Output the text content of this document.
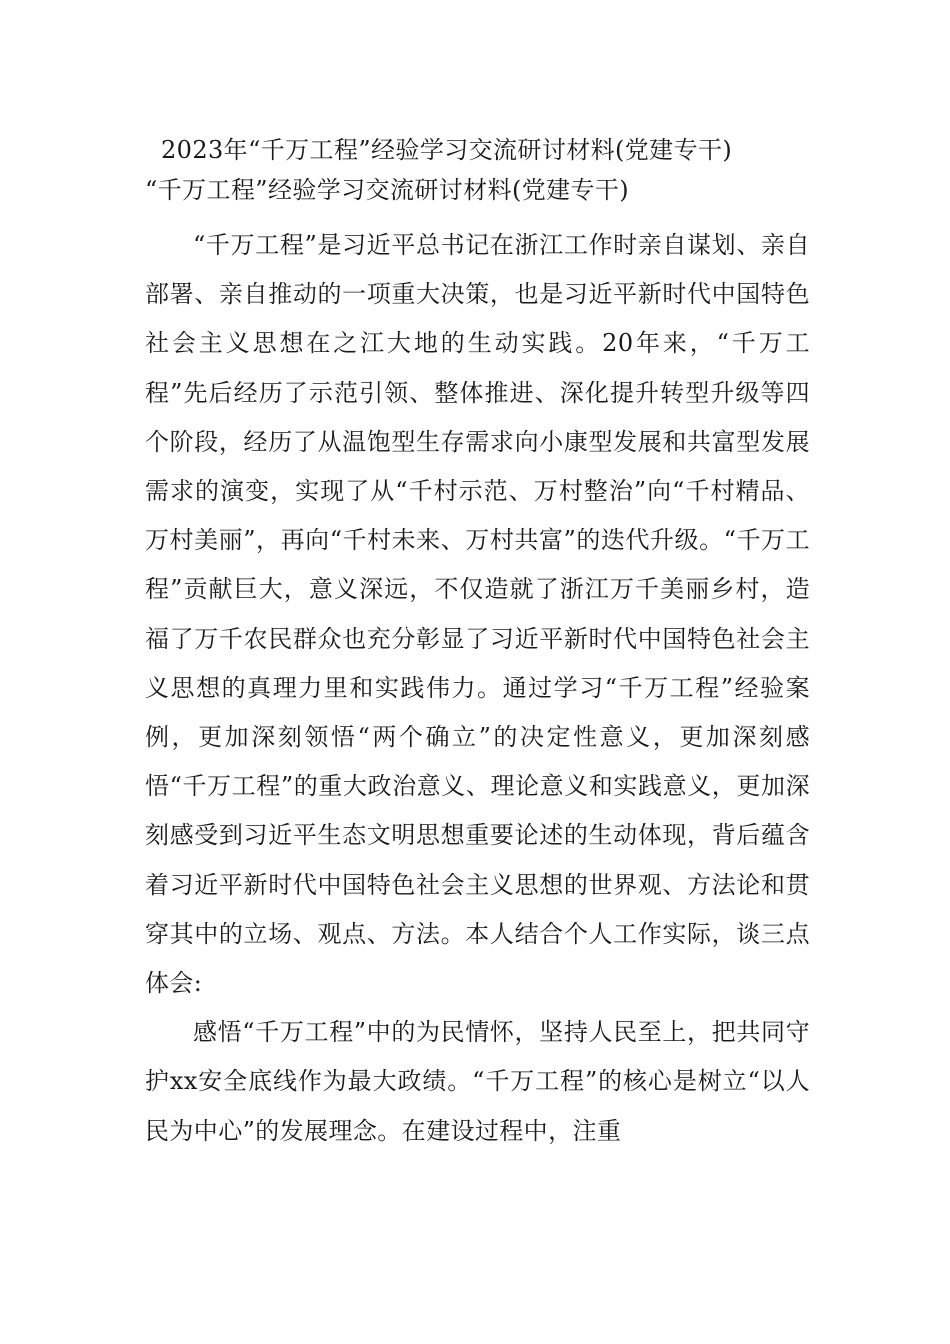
2023年“千万工程”经验学习交流研讨材料(党建专干)

“千万工程”经验学习交流研讨材料(党建专干)

“千万工程”是习近平总书记在浙江工作时亲自谋划、亲自部署、亲自推动的一项重大决策，也是习近平新时代中国特色社会主义思想在之江大地的生动实践。20年来，“千万工程”先后经历了示范引领、整体推进、深化提升转型升级等四个阶段，经历了从温饱型生存需求向小康型发展和共富型发展需求的演变，实现了从“千村示范、万村整治”向“千村精品、万村美丽”，再向“千村未来、万村共富”的迭代升级。“千万工程”贡献巨大，意义深远，不仅造就了浙江万千美丽乡村，造福了万千农民群众也充分彰显了习近平新时代中国特色社会主义思想的真理力里和实践伟力。通过学习“千万工程”经验案例，更加深刻领悟“两个确立”的决定性意义，更加深刻感悟“千万工程”的重大政治意义、理论意义和实践意义，更加深刻感受到习近平生态文明思想重要论述的生动体现，背后蕴含着习近平新时代中国特色社会主义思想的世界观、方法论和贯穿其中的立场、观点、方法。本人结合个人工作实际，谈三点体会:

感悟“千万工程”中的为民情怀，坚持人民至上，把共同守护xx安全底线作为最大政绩。“千万工程”的核心是树立“以人民为中心”的发展理念。在建设过程中，注重
